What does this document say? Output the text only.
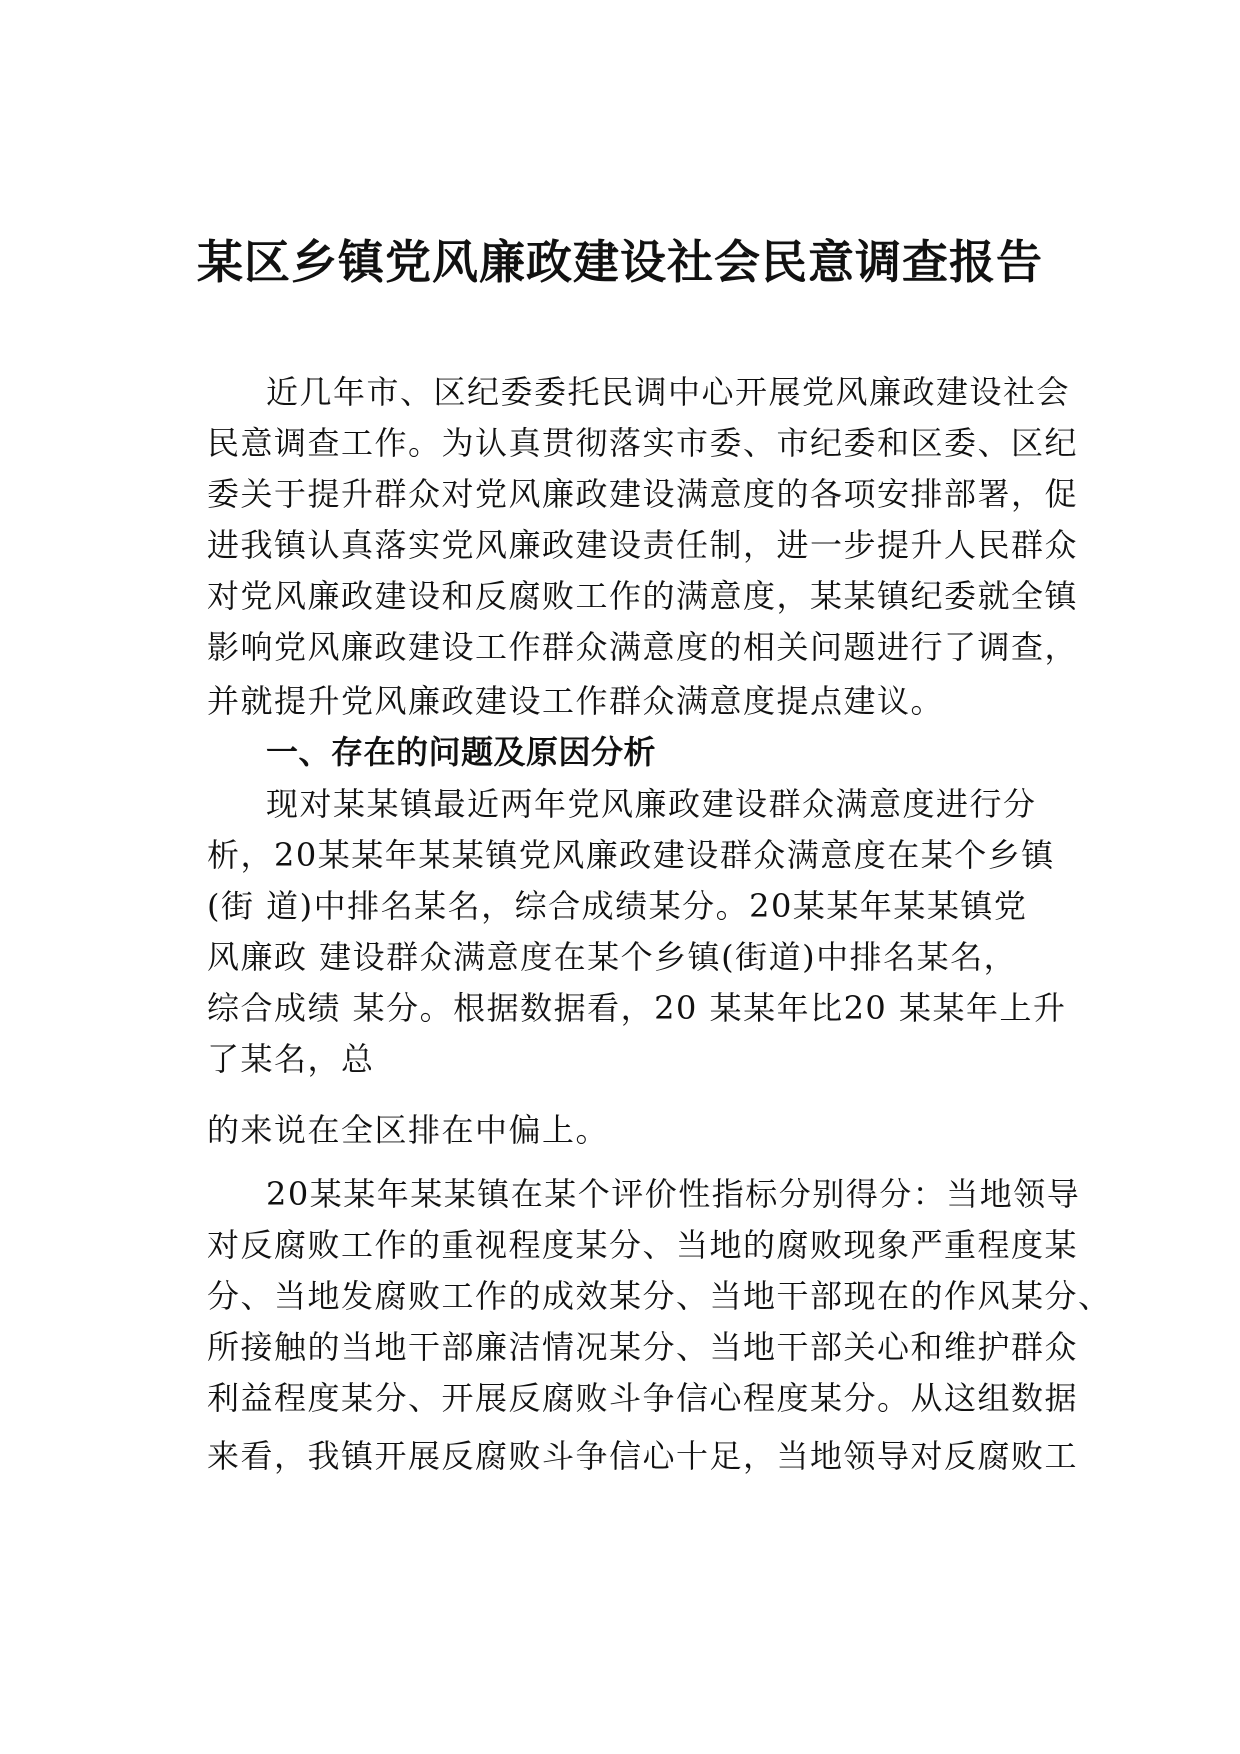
某区乡镇党风廉政建设社会民意调查报告
近几年市、区纪委委托民调中心开展党风廉政建设社会
民意调查工作。为认真贯彻落实市委、市纪委和区委、区纪
委关于提升群众对党风廉政建设满意度的各项安排部署，促
进我镇认真落实党风廉政建设责任制，进一步提升人民群众
对党风廉政建设和反腐败工作的满意度，某某镇纪委就全镇
影响党风廉政建设工作群众满意度的相关问题进行了调查，
并就提升党风廉政建设工作群众满意度提点建议。
一、存在的问题及原因分析
现对某某镇最近两年党风廉政建设群众满意度进行分
析，20某某年某某镇党风廉政建设群众满意度在某个乡镇
(街 道)中排名某名，综合成绩某分。20某某年某某镇党
风廉政 建设群众满意度在某个乡镇(街道)中排名某名，
综合成绩 某分。根据数据看，20 某某年比20 某某年上升
了某名，总
的来说在全区排在中偏上。
20某某年某某镇在某个评价性指标分别得分：当地领导
对反腐败工作的重视程度某分、当地的腐败现象严重程度某
分、当地发腐败工作的成效某分、当地干部现在的作风某分、
所接触的当地干部廉洁情况某分、当地干部关心和维护群众
利益程度某分、开展反腐败斗争信心程度某分。从这组数据
来看，我镇开展反腐败斗争信心十足，当地领导对反腐败工
